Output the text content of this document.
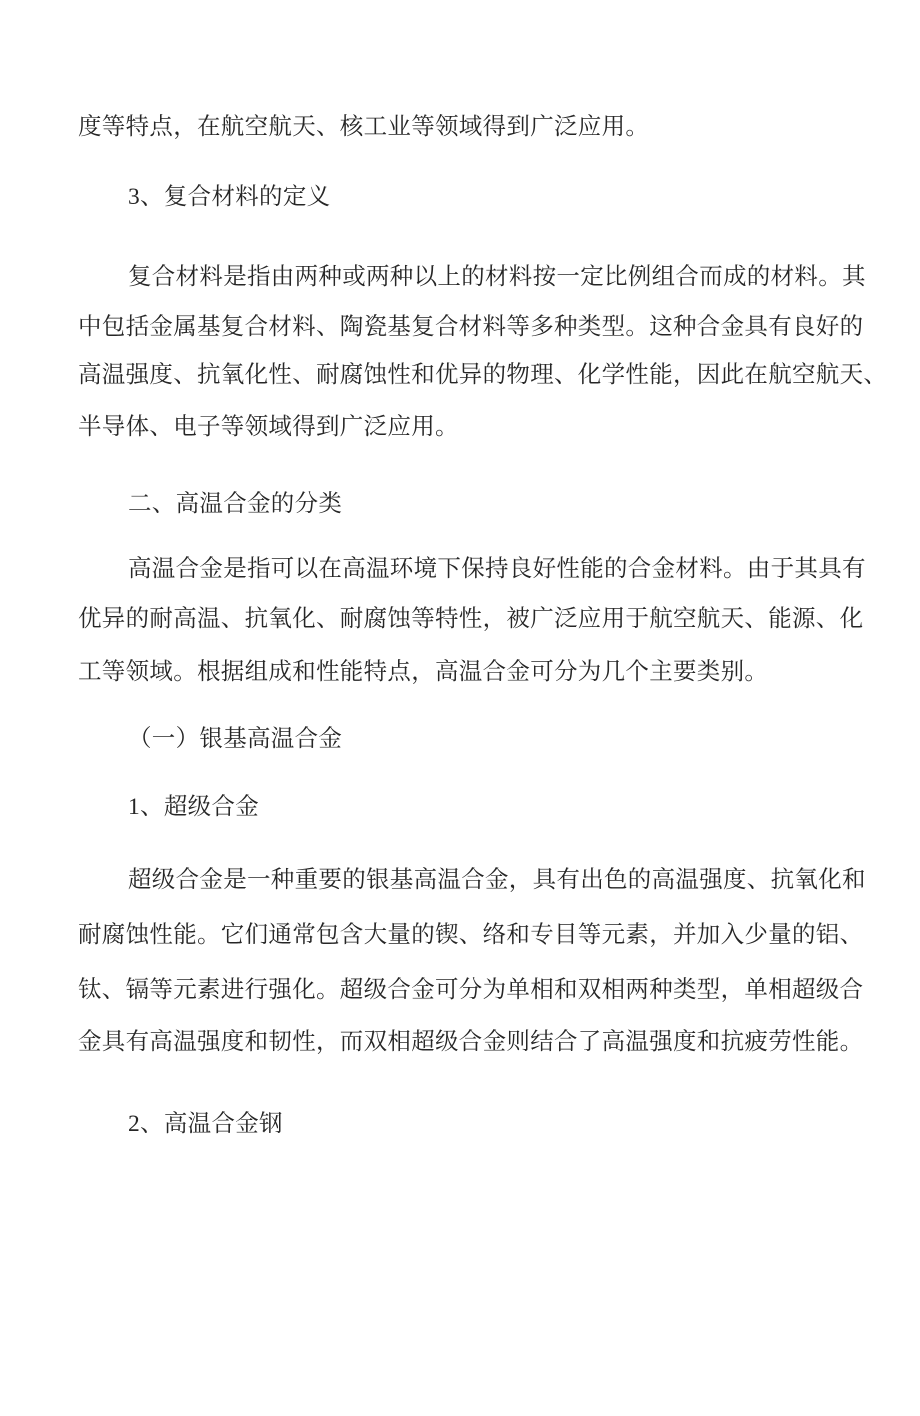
度等特点，在航空航天、核工业等领域得到广泛应用。
3、复合材料的定义
复合材料是指由两种或两种以上的材料按一定比例组合而成的材料。其
中包括金属基复合材料、陶瓷基复合材料等多种类型。这种合金具有良好的
高温强度、抗氧化性、耐腐蚀性和优异的物理、化学性能，因此在航空航天、
半导体、电子等领域得到广泛应用。
二、高温合金的分类
高温合金是指可以在高温环境下保持良好性能的合金材料。由于其具有
优异的耐高温、抗氧化、耐腐蚀等特性，被广泛应用于航空航天、能源、化
工等领域。根据组成和性能特点，高温合金可分为几个主要类别。
（一）银基高温合金
1、超级合金
超级合金是一种重要的银基高温合金，具有出色的高温强度、抗氧化和
耐腐蚀性能。它们通常包含大量的锲、络和专目等元素，并加入少量的铝、
钛、镉等元素进行强化。超级合金可分为单相和双相两种类型，单相超级合
金具有高温强度和韧性，而双相超级合金则结合了高温强度和抗疲劳性能。
2、高温合金钢
